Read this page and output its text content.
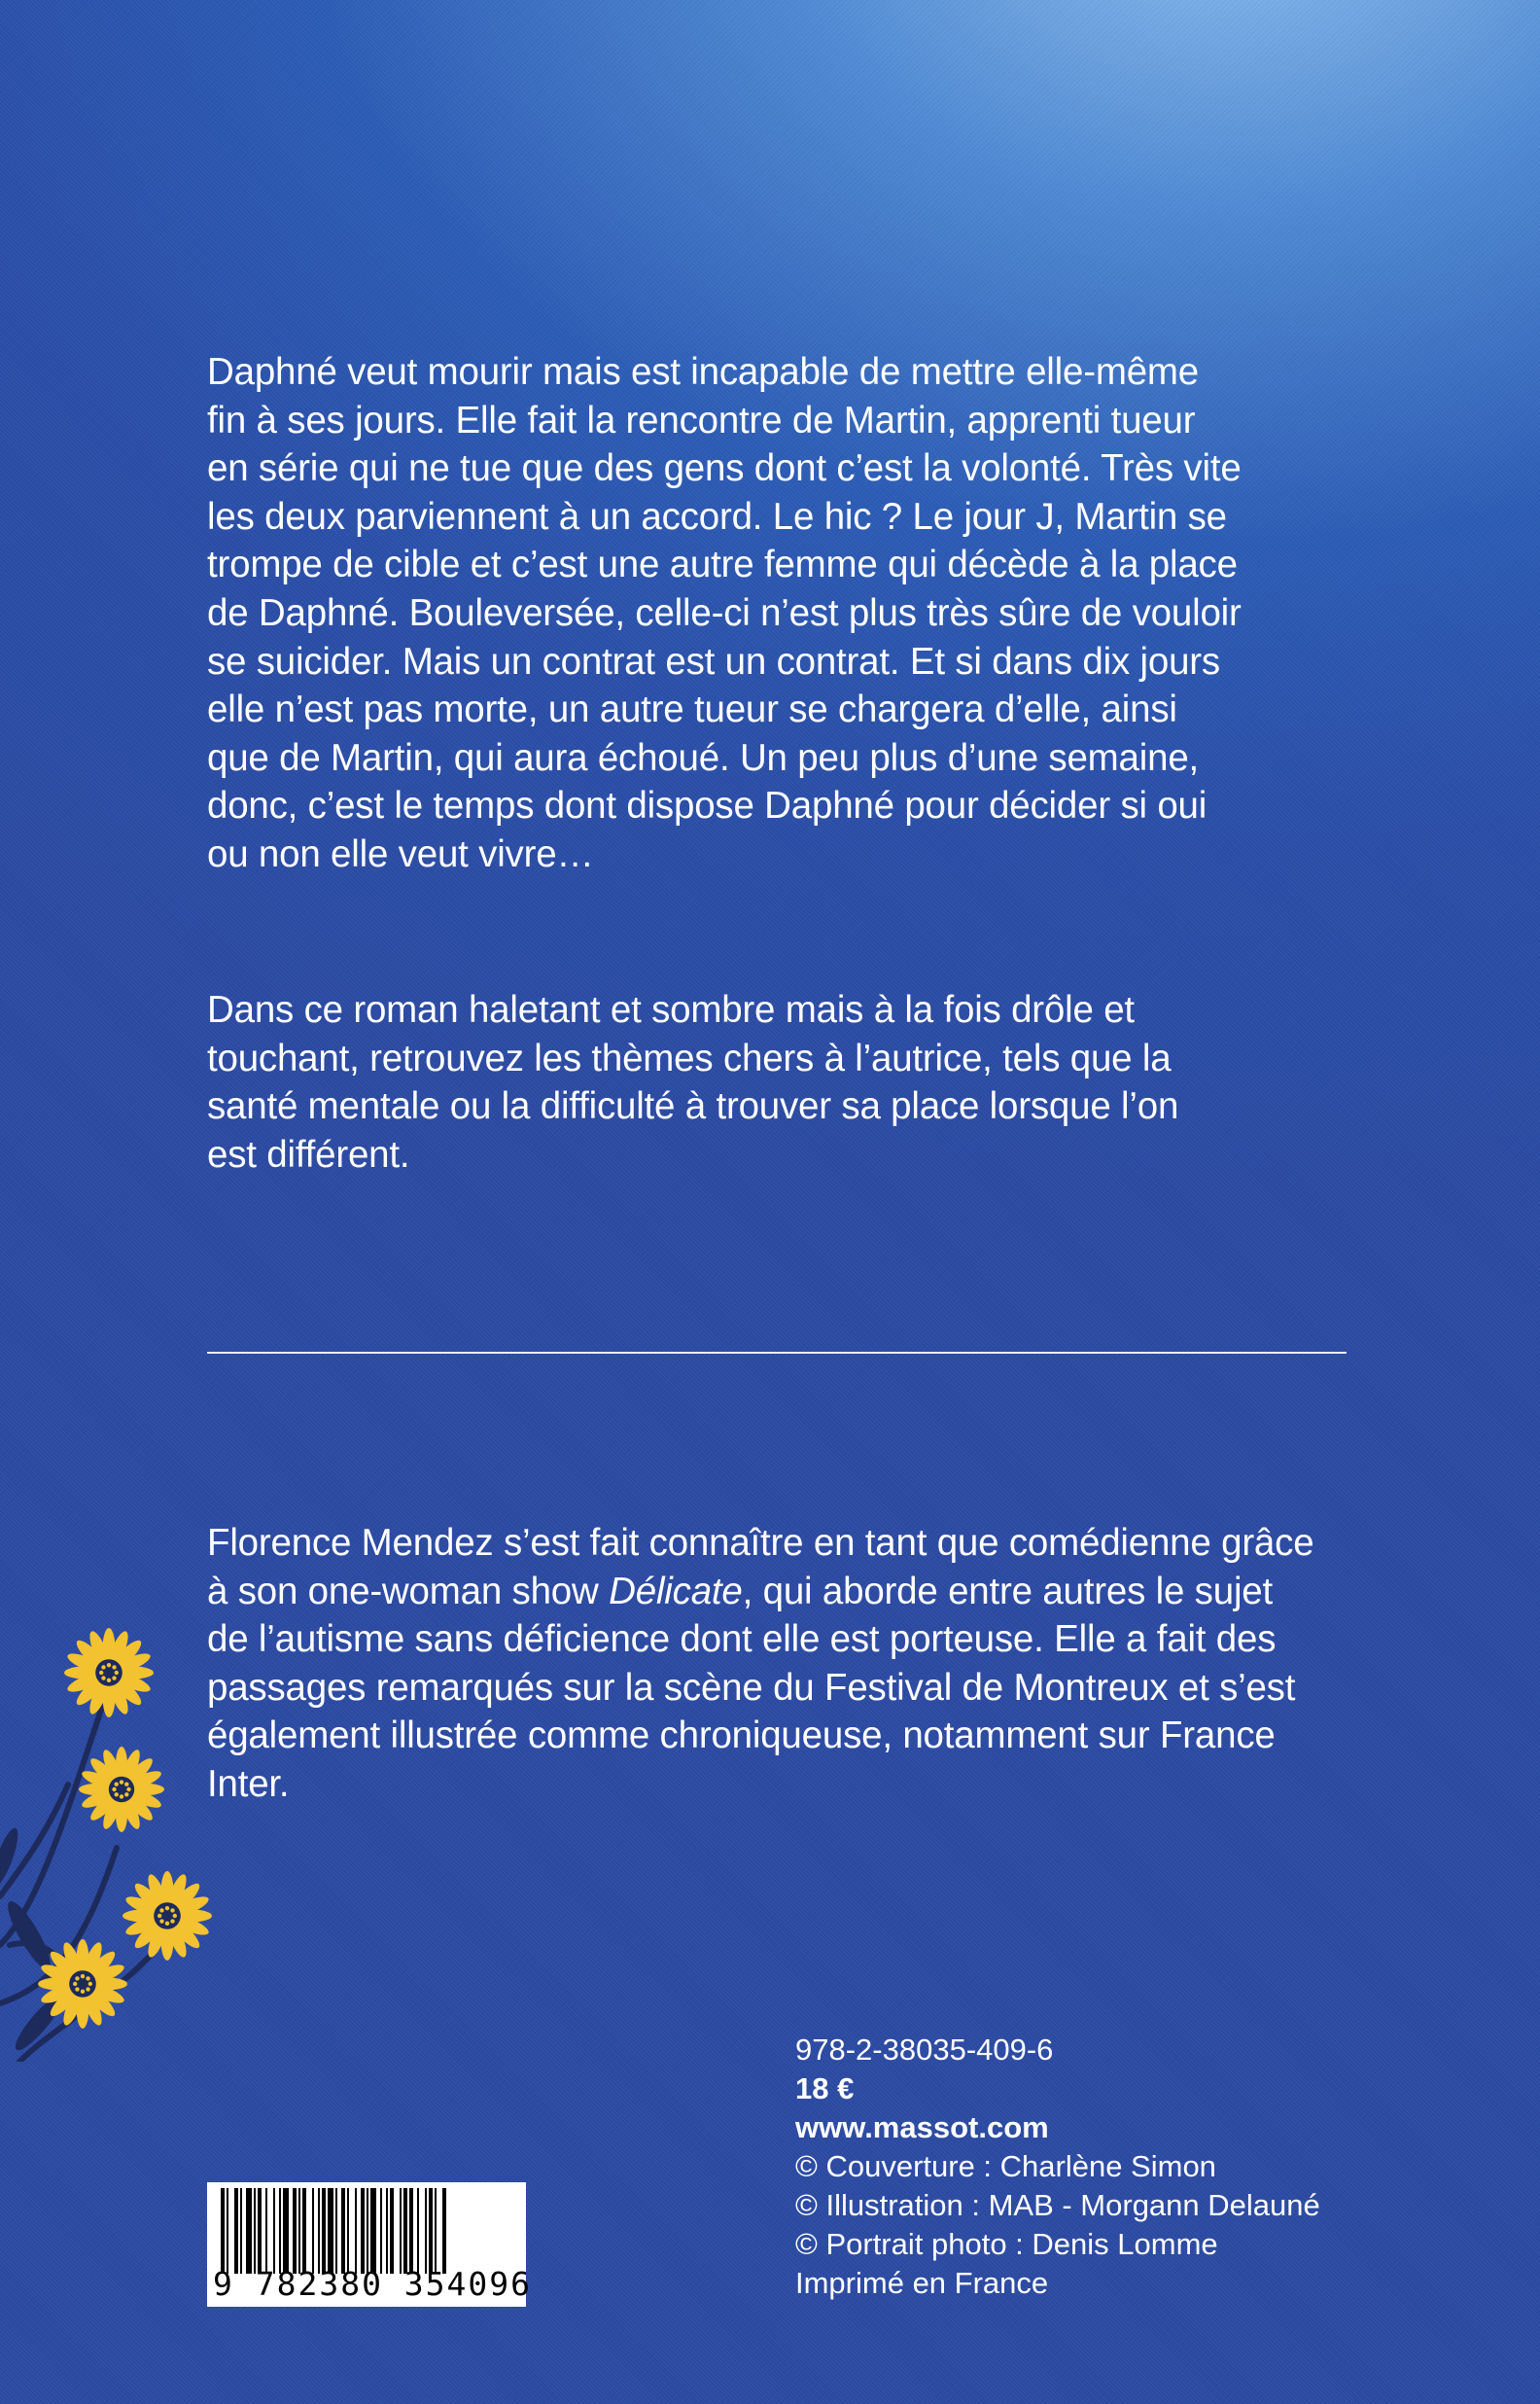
Daphné veut mourir mais est incapable de mettre elle-même
fin à ses jours. Elle fait la rencontre de Martin, apprenti tueur
en série qui ne tue que des gens dont c’est la volonté. Très vite
les deux parviennent à un accord. Le hic ? Le jour J, Martin se
trompe de cible et c’est une autre femme qui décède à la place
de Daphné. Bouleversée, celle-ci n’est plus très sûre de vouloir
se suicider. Mais un contrat est un contrat. Et si dans dix jours
elle n’est pas morte, un autre tueur se chargera d’elle, ainsi
que de Martin, qui aura échoué. Un peu plus d’une semaine,
donc, c’est le temps dont dispose Daphné pour décider si oui
ou non elle veut vivre…

Dans ce roman haletant et sombre mais à la fois drôle et
touchant, retrouvez les thèmes chers à l’autrice, tels que la
santé mentale ou la difficulté à trouver sa place lorsque l’on
est différent.

Florence Mendez s’est fait connaître en tant que comédienne grâce
à son one-woman show Délicate, qui aborde entre autres le sujet
de l’autisme sans déficience dont elle est porteuse. Elle a fait des
passages remarqués sur la scène du Festival de Montreux et s’est
également illustrée comme chroniqueuse, notamment sur France Inter.

978-2-38035-409-6
18 €
www.massot.com
© Couverture : Charlène Simon
© Illustration : MAB - Morgann Delauné
© Portrait photo : Denis Lomme
Imprimé en France
9 782380 354096
